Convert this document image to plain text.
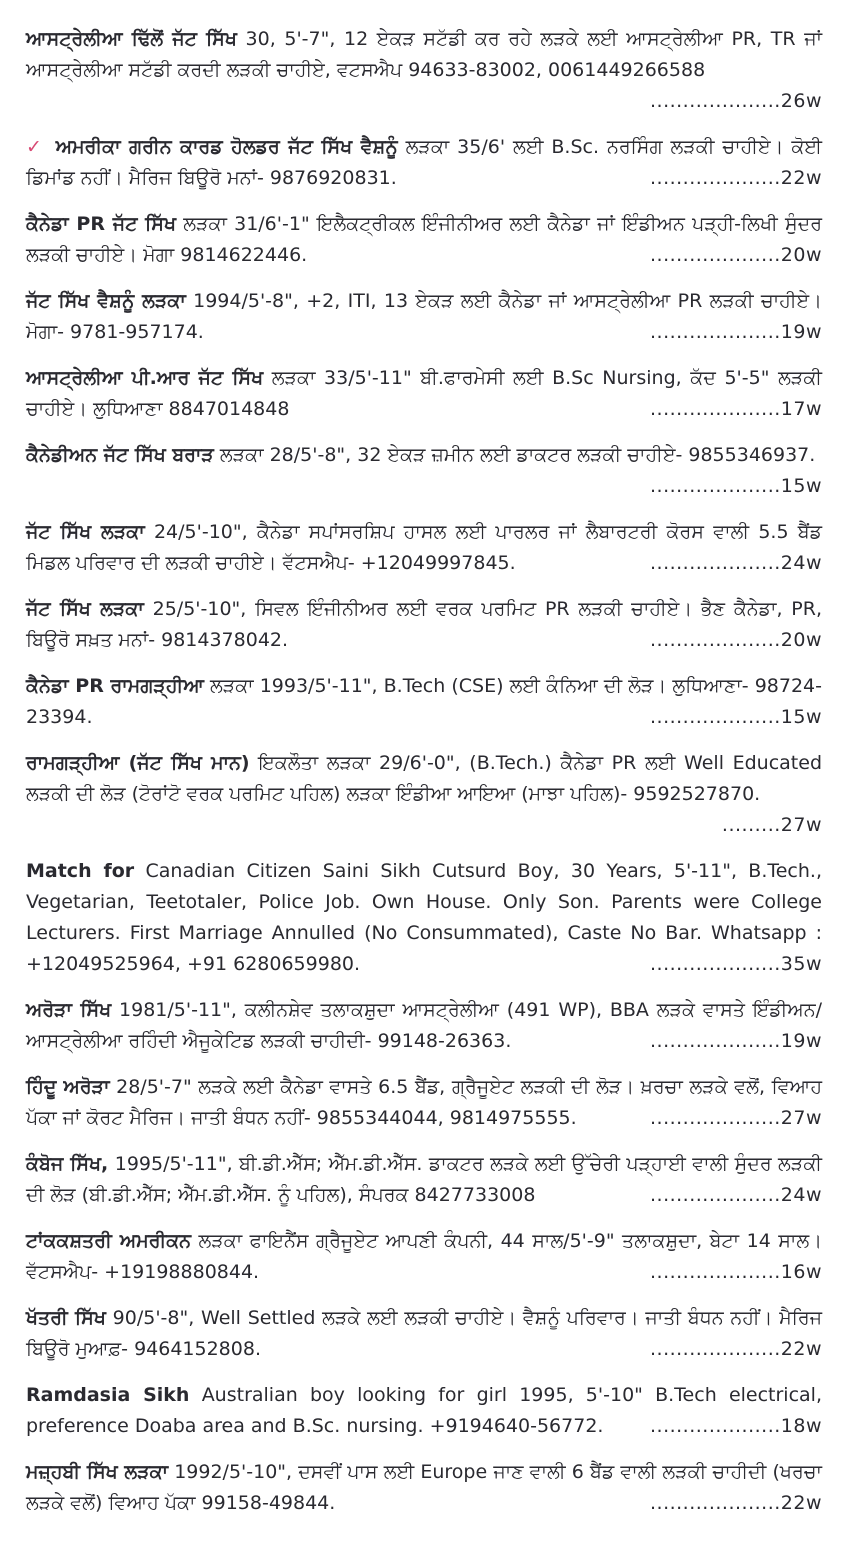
ਆਸਟ੍ਰੇਲੀਆ ਢਿੱਲੋਂ ਜੱਟ ਸਿੱਖ 30, 5'-7", 12 ਏਕੜ ਸਟੱਡੀ ਕਰ ਰਹੇ ਲੜਕੇ ਲਈ ਆਸਟ੍ਰੇਲੀਆ PR, TR ਜਾਂ ਆਸਟ੍ਰੇਲੀਆ ਸਟੱਡੀ ਕਰਦੀ ਲੜਕੀ ਚਾਹੀਏ, ਵਟਸਐਪ 94633-83002, 0061449266588
....................26w

✓ ਅਮਰੀਕਾ ਗਰੀਨ ਕਾਰਡ ਹੋਲਡਰ ਜੱਟ ਸਿੱਖ ਵੈਸ਼ਨੂੰ ਲੜਕਾ 35/6' ਲਈ B.Sc. ਨਰਸਿੰਗ ਲੜਕੀ ਚਾਹੀਏ। ਕੋਈ ਡਿਮਾਂਡ ਨਹੀਂ। ਮੈਰਿਜ ਬਿਊਰੋ ਮਨਾਂ- 9876920831.	....................22w

ਕੈਨੇਡਾ PR ਜੱਟ ਸਿੱਖ ਲੜਕਾ 31/6'-1" ਇਲੈਕਟ੍ਰੀਕਲ ਇੰਜੀਨੀਅਰ ਲਈ ਕੈਨੇਡਾ ਜਾਂ ਇੰਡੀਅਨ ਪੜ੍ਹੀ-ਲਿਖੀ ਸੁੰਦਰ ਲੜਕੀ ਚਾਹੀਏ। ਮੋਗਾ 9814622446.	....................20w

ਜੱਟ ਸਿੱਖ ਵੈਸ਼ਨੂੰ ਲੜਕਾ 1994/5'-8", +2, ITI, 13 ਏਕੜ ਲਈ ਕੈਨੇਡਾ ਜਾਂ ਆਸਟ੍ਰੇਲੀਆ PR ਲੜਕੀ ਚਾਹੀਏ। ਮੋਗਾ- 9781-957174.	....................19w

ਆਸਟ੍ਰੇਲੀਆ ਪੀ.ਆਰ ਜੱਟ ਸਿੱਖ ਲੜਕਾ 33/5'-11" ਬੀ.ਫਾਰਮੇਸੀ ਲਈ B.Sc Nursing, ਕੱਦ 5'-5" ਲੜਕੀ ਚਾਹੀਏ। ਲੁਧਿਆਣਾ 8847014848	....................17w

ਕੈਨੇਡੀਅਨ ਜੱਟ ਸਿੱਖ ਬਰਾੜ ਲੜਕਾ 28/5'-8", 32 ਏਕੜ ਜ਼ਮੀਨ ਲਈ ਡਾਕਟਰ ਲੜਕੀ ਚਾਹੀਏ- 9855346937.
....................15w

ਜੱਟ ਸਿੱਖ ਲੜਕਾ 24/5'-10", ਕੈਨੇਡਾ ਸਪਾਂਸਰਸ਼ਿਪ ਹਾਸਲ ਲਈ ਪਾਰਲਰ ਜਾਂ ਲੈਬਾਰਟਰੀ ਕੋਰਸ ਵਾਲੀ 5.5 ਬੈਂਡ ਮਿਡਲ ਪਰਿਵਾਰ ਦੀ ਲੜਕੀ ਚਾਹੀਏ। ਵੱਟਸਐਪ- +12049997845.	....................24w

ਜੱਟ ਸਿੱਖ ਲੜਕਾ 25/5'-10", ਸਿਵਲ ਇੰਜੀਨੀਅਰ ਲਈ ਵਰਕ ਪਰਮਿਟ PR ਲੜਕੀ ਚਾਹੀਏ। ਭੈਣ ਕੈਨੇਡਾ, PR, ਬਿਊਰੋ ਸਖ਼ਤ ਮਨਾਂ- 9814378042.	....................20w

ਕੈਨੇਡਾ PR ਰਾਮਗੜ੍ਹੀਆ ਲੜਕਾ 1993/5'-11", B.Tech (CSE) ਲਈ ਕੰਨਿਆ ਦੀ ਲੋੜ। ਲੁਧਿਆਣਾ- 98724-23394.	....................15w

ਰਾਮਗੜ੍ਹੀਆ (ਜੱਟ ਸਿੱਖ ਮਾਨ) ਇਕਲੌਤਾ ਲੜਕਾ 29/6'-0", (B.Tech.) ਕੈਨੇਡਾ PR ਲਈ Well Educated ਲੜਕੀ ਦੀ ਲੋੜ (ਟੋਰਾਂਟੋ ਵਰਕ ਪਰਮਿਟ ਪਹਿਲ) ਲੜਕਾ ਇੰਡੀਆ ਆਇਆ (ਮਾਝਾ ਪਹਿਲ)- 9592527870.
.........27w

Match for Canadian Citizen Saini Sikh Cutsurd Boy, 30 Years, 5'-11", B.Tech., Vegetarian, Teetotaler, Police Job. Own House. Only Son. Parents were College Lecturers. First Marriage Annulled (No Consummated), Caste No Bar. Whatsapp : +12049525964, +91 6280659980.	....................35w

ਅਰੋੜਾ ਸਿੱਖ 1981/5'-11", ਕਲੀਨਸ਼ੇਵ ਤਲਾਕਸ਼ੁਦਾ ਆਸਟ੍ਰੇਲੀਆ (491 WP), BBA ਲੜਕੇ ਵਾਸਤੇ ਇੰਡੀਅਨ/ ਆਸਟ੍ਰੇਲੀਆ ਰਹਿੰਦੀ ਐਜੂਕੇਟਿਡ ਲੜਕੀ ਚਾਹੀਦੀ- 99148-26363.	....................19w

ਹਿੰਦੂ ਅਰੋੜਾ 28/5'-7" ਲੜਕੇ ਲਈ ਕੈਨੇਡਾ ਵਾਸਤੇ 6.5 ਬੈਂਡ, ਗ੍ਰੈਜੂਏਟ ਲੜਕੀ ਦੀ ਲੋੜ। ਖ਼ਰਚਾ ਲੜਕੇ ਵਲੋਂ, ਵਿਆਹ ਪੱਕਾ ਜਾਂ ਕੋਰਟ ਮੈਰਿਜ। ਜਾਤੀ ਬੰਧਨ ਨਹੀਂ- 9855344044, 9814975555.	....................27w

ਕੰਬੋਜ ਸਿੱਖ, 1995/5'-11", ਬੀ.ਡੀ.ਐੱਸ; ਐੱਮ.ਡੀ.ਐੱਸ. ਡਾਕਟਰ ਲੜਕੇ ਲਈ ਉੱਚੇਰੀ ਪੜ੍ਹਾਈ ਵਾਲੀ ਸੁੰਦਰ ਲੜਕੀ ਦੀ ਲੋੜ (ਬੀ.ਡੀ.ਐੱਸ; ਐੱਮ.ਡੀ.ਐੱਸ. ਨੂੰ ਪਹਿਲ), ਸੰਪਰਕ 8427733008	....................24w

ਟਾਂਕਕਸ਼ਤਰੀ ਅਮਰੀਕਨ ਲੜਕਾ ਫਾਇਨੈਂਸ ਗ੍ਰੈਜੂਏਟ ਆਪਣੀ ਕੰਪਨੀ, 44 ਸਾਲ/5'-9" ਤਲਾਕਸ਼ੁਦਾ, ਬੇਟਾ 14 ਸਾਲ। ਵੱਟਸਐਪ- +19198880844.	....................16w

ਖੱਤਰੀ ਸਿੱਖ 90/5'-8", Well Settled ਲੜਕੇ ਲਈ ਲੜਕੀ ਚਾਹੀਏ। ਵੈਸ਼ਨੂੰ ਪਰਿਵਾਰ। ਜਾਤੀ ਬੰਧਨ ਨਹੀਂ। ਮੈਰਿਜ ਬਿਊਰੋ ਮੁਆਫ਼- 9464152808.	....................22w

Ramdasia Sikh Australian boy looking for girl 1995, 5'-10" B.Tech electrical, preference Doaba area and B.Sc. nursing. +9194640-56772.	....................18w

ਮਜ਼੍ਹਬੀ ਸਿੱਖ ਲੜਕਾ 1992/5'-10", ਦਸਵੀਂ ਪਾਸ ਲਈ Europe ਜਾਣ ਵਾਲੀ 6 ਬੈਂਡ ਵਾਲੀ ਲੜਕੀ ਚਾਹੀਦੀ (ਖਰਚਾ ਲੜਕੇ ਵਲੋਂ) ਵਿਆਹ ਪੱਕਾ 99158-49844.	....................22w
